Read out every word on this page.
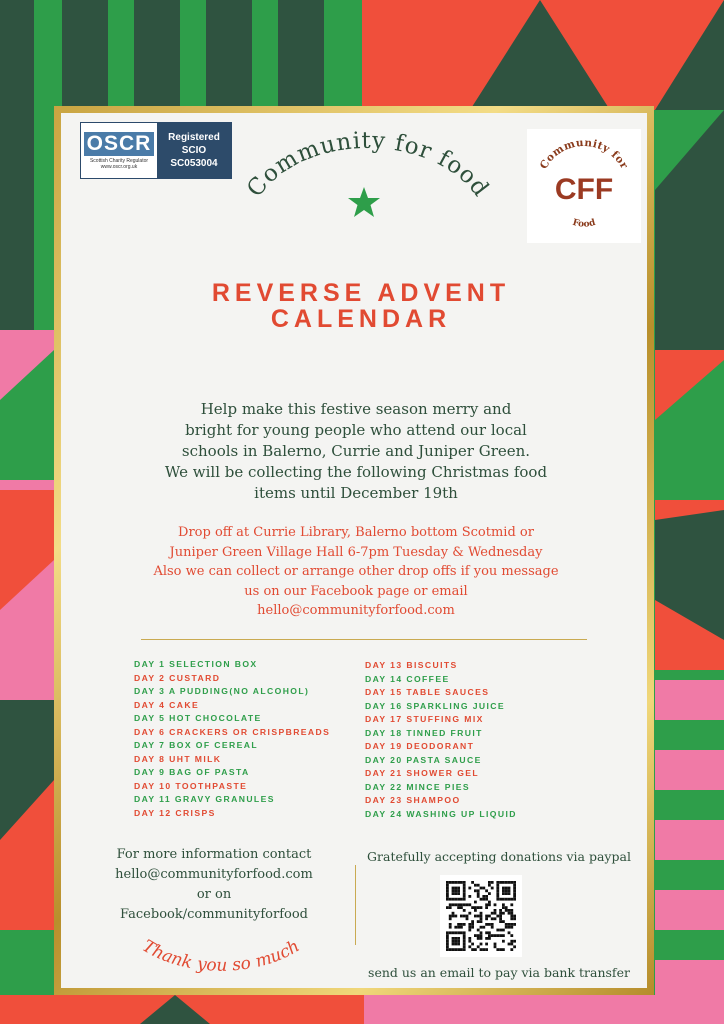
OSCR
Scottish Charity Regulator
www.oscr.org.uk
Registered
SCIO
SC053004
Community for food
Community for
CFF
Food
REVERSE ADVENT
CALENDAR
Help make this festive season merry and
bright for young people who attend our local
schools in Balerno, Currie and Juniper Green.
We will be collecting the following Christmas food
items until December 19th
Drop off at Currie Library, Balerno bottom Scotmid or
Juniper Green Village Hall 6-7pm Tuesday & Wednesday
Also we can collect or arrange other drop offs if you message
us on our Facebook page or email
hello@communityforfood.com
DAY 1 SELECTION BOX
DAY 2 CUSTARD
DAY 3 A PUDDING(NO ALCOHOL)
DAY 4 CAKE
DAY 5 HOT CHOCOLATE
DAY 6 CRACKERS OR CRISPBREADS
DAY 7 BOX OF CEREAL
DAY 8 UHT MILK
DAY 9 BAG OF PASTA
DAY 10 TOOTHPASTE
DAY 11 GRAVY GRANULES
DAY 12 CRISPS
DAY 13 BISCUITS
DAY 14 COFFEE
DAY 15 TABLE SAUCES
DAY 16 SPARKLING JUICE
DAY 17 STUFFING MIX
DAY 18 TINNED FRUIT
DAY 19 DEODORANT
DAY 20 PASTA SAUCE
DAY 21 SHOWER GEL
DAY 22 MINCE PIES
DAY 23 SHAMPOO
DAY 24 WASHING UP LIQUID
For more information contact
hello@communityforfood.com
or on
Facebook/communityforfood
Gratefully accepting donations via paypal
send us an email to pay via bank transfer
Thank you so much
